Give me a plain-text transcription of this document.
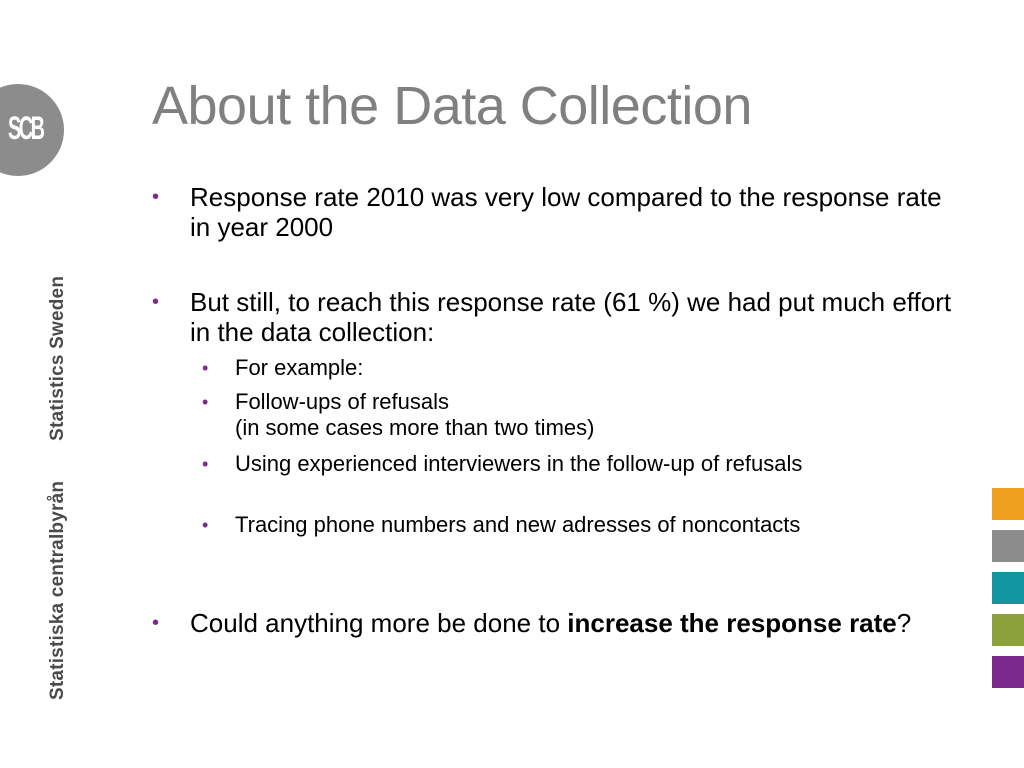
SCB
Statistiska centralbyrånStatistics Sweden
About the Data Collection
• Response rate 2010 was very low compared to the response rate in year 2000
• But still, to reach this response rate (61 %) we had put much effort in the data collection:
• For example:
• Follow-ups of refusals
(in some cases more than two times)
• Using experienced interviewers in the follow-up of refusals
• Tracing phone numbers and new adresses of noncontacts
• Could anything more be done to increase the response rate?
